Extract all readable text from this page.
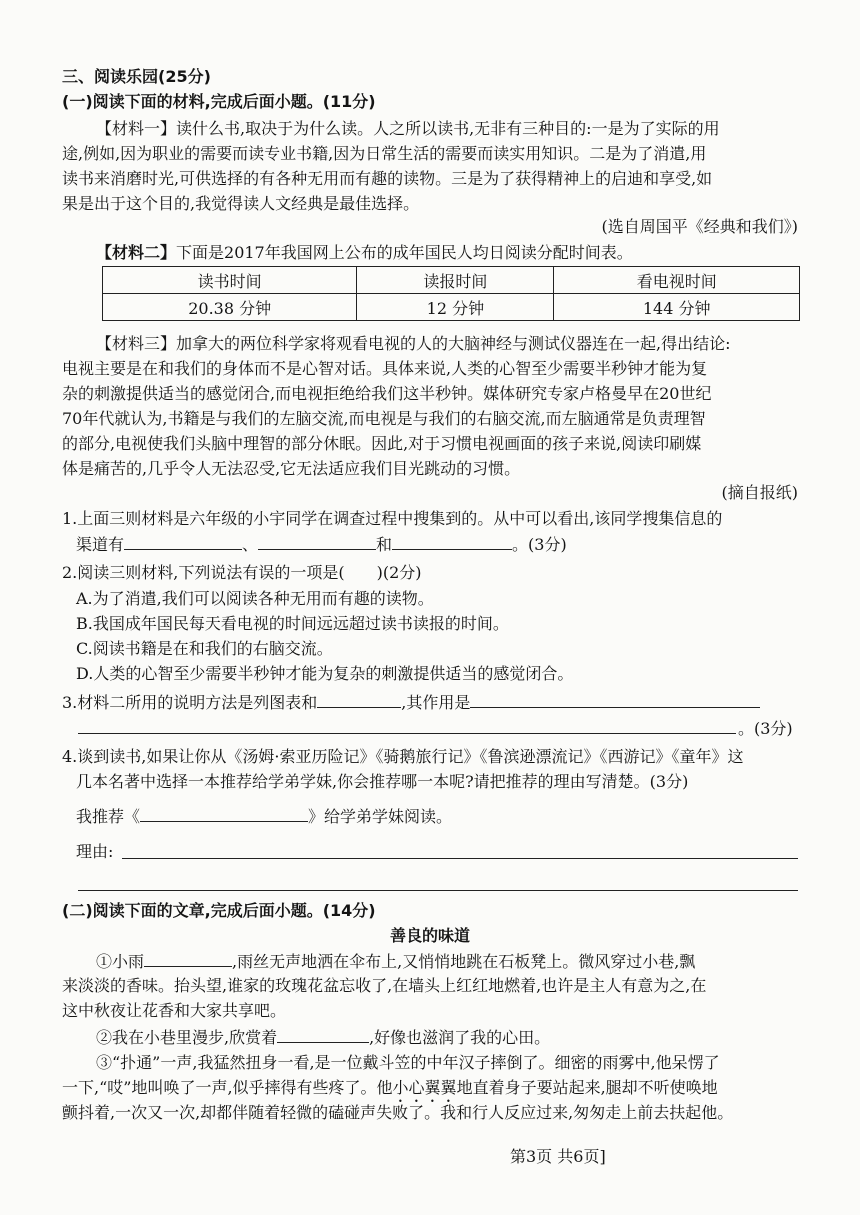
三、阅读乐园(25分)
(一)阅读下面的材料,完成后面小题。(11分)
【材料一】读什么书,取决于为什么读。人之所以读书,无非有三种目的:一是为了实际的用
途,例如,因为职业的需要而读专业书籍,因为日常生活的需要而读实用知识。二是为了消遣,用
读书来消磨时光,可供选择的有各种无用而有趣的读物。三是为了获得精神上的启迪和享受,如
果是出于这个目的,我觉得读人文经典是最佳选择。
(选自周国平《经典和我们》)
【材料二】下面是2017年我国网上公布的成年国民人均日阅读分配时间表。
读书时间	读报时间	看电视时间
20.38 分钟	12 分钟	144 分钟
【材料三】加拿大的两位科学家将观看电视的人的大脑神经与测试仪器连在一起,得出结论:
电视主要是在和我们的身体而不是心智对话。具体来说,人类的心智至少需要半秒钟才能为复
杂的刺激提供适当的感觉闭合,而电视拒绝给我们这半秒钟。媒体研究专家卢格曼早在20世纪
70年代就认为,书籍是与我们的左脑交流,而电视是与我们的右脑交流,而左脑通常是负责理智
的部分,电视使我们头脑中理智的部分休眠。因此,对于习惯电视画面的孩子来说,阅读印刷媒
体是痛苦的,几乎令人无法忍受,它无法适应我们目光跳动的习惯。
(摘自报纸)
1.上面三则材料是六年级的小宇同学在调查过程中搜集到的。从中可以看出,该同学搜集信息的
渠道有	、	和	。(3分)
2.阅读三则材料,下列说法有误的一项是( )(2分)
A.为了消遣,我们可以阅读各种无用而有趣的读物。
B.我国成年国民每天看电视的时间远远超过读书读报的时间。
C.阅读书籍是在和我们的右脑交流。
D.人类的心智至少需要半秒钟才能为复杂的刺激提供适当的感觉闭合。
3.材料二所用的说明方法是列图表和	,其作用是
。(3分)
4.谈到读书,如果让你从《汤姆·索亚历险记》《骑鹅旅行记》《鲁滨逊漂流记》《西游记》《童年》这
几本名著中选择一本推荐给学弟学妹,你会推荐哪一本呢?请把推荐的理由写清楚。(3分)
我推荐《	》给学弟学妹阅读。
理由:
(二)阅读下面的文章,完成后面小题。(14分)
善良的味道
①小雨	,雨丝无声地洒在伞布上,又悄悄地跳在石板凳上。微风穿过小巷,飘
来淡淡的香味。抬头望,谁家的玫瑰花盆忘收了,在墙头上红红地燃着,也许是主人有意为之,在
这中秋夜让花香和大家共享吧。
②我在小巷里漫步,欣赏着	,好像也滋润了我的心田。
③“扑通”一声,我猛然扭身一看,是一位戴斗笠的中年汉子摔倒了。细密的雨雾中,他呆愣了
一下,“哎”地叫唤了一声,似乎摔得有些疼了。他小心翼翼地直着身子要站起来,腿却不听使唤地
颤抖着,一次又一次,却都伴随着轻微的磕碰声失败了。我和行人反应过来,匆匆走上前去扶起他。
第3页 共6页]
